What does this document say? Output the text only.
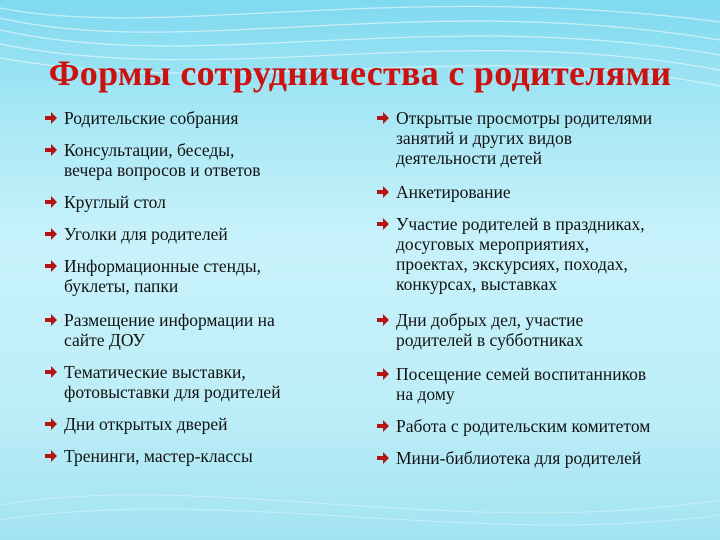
Формы сотрудничества с родителями
Родительские собрания
Консультации, беседы,
вечера вопросов и ответов
Круглый стол
Уголки для родителей
Информационные стенды,
буклеты, папки
Размещение информации на
сайте ДОУ
Тематические выставки,
фотовыставки для родителей
Дни открытых дверей
Тренинги, мастер-классы
Открытые просмотры родителями
занятий и других видов
деятельности детей
Анкетирование
Участие родителей в праздниках,
досуговых мероприятиях,
проектах, экскурсиях, походах,
конкурсах, выставках
Дни добрых дел, участие
родителей в субботниках
Посещение семей воспитанников
на дому
Работа с родительским комитетом
Мини-библиотека для родителей
